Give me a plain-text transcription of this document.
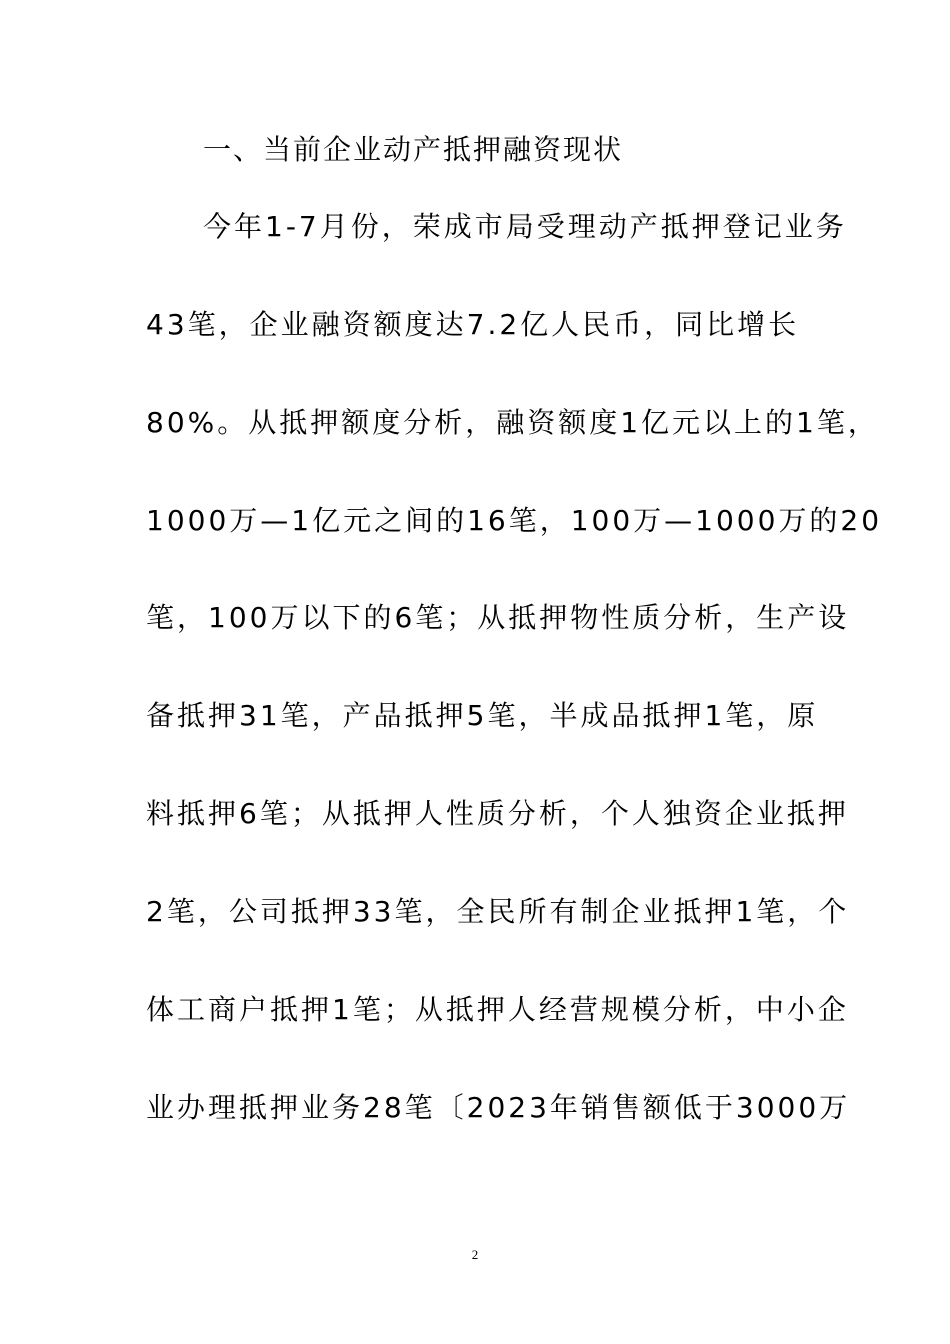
一、当前企业动产抵押融资现状
今年1-7月份，荣成市局受理动产抵押登记业务
43笔，企业融资额度达7.2亿人民币，同比增长
80%。从抵押额度分析，融资额度1亿元以上的1笔，
1000万—1亿元之间的16笔，100万—1000万的20
笔，100万以下的6笔；从抵押物性质分析，生产设
备抵押31笔，产品抵押5笔，半成品抵押1笔，原
料抵押6笔；从抵押人性质分析，个人独资企业抵押
2笔，公司抵押33笔，全民所有制企业抵押1笔，个
体工商户抵押1笔；从抵押人经营规模分析，中小企
业办理抵押业务28笔〔2023年销售额低于3000万
2
